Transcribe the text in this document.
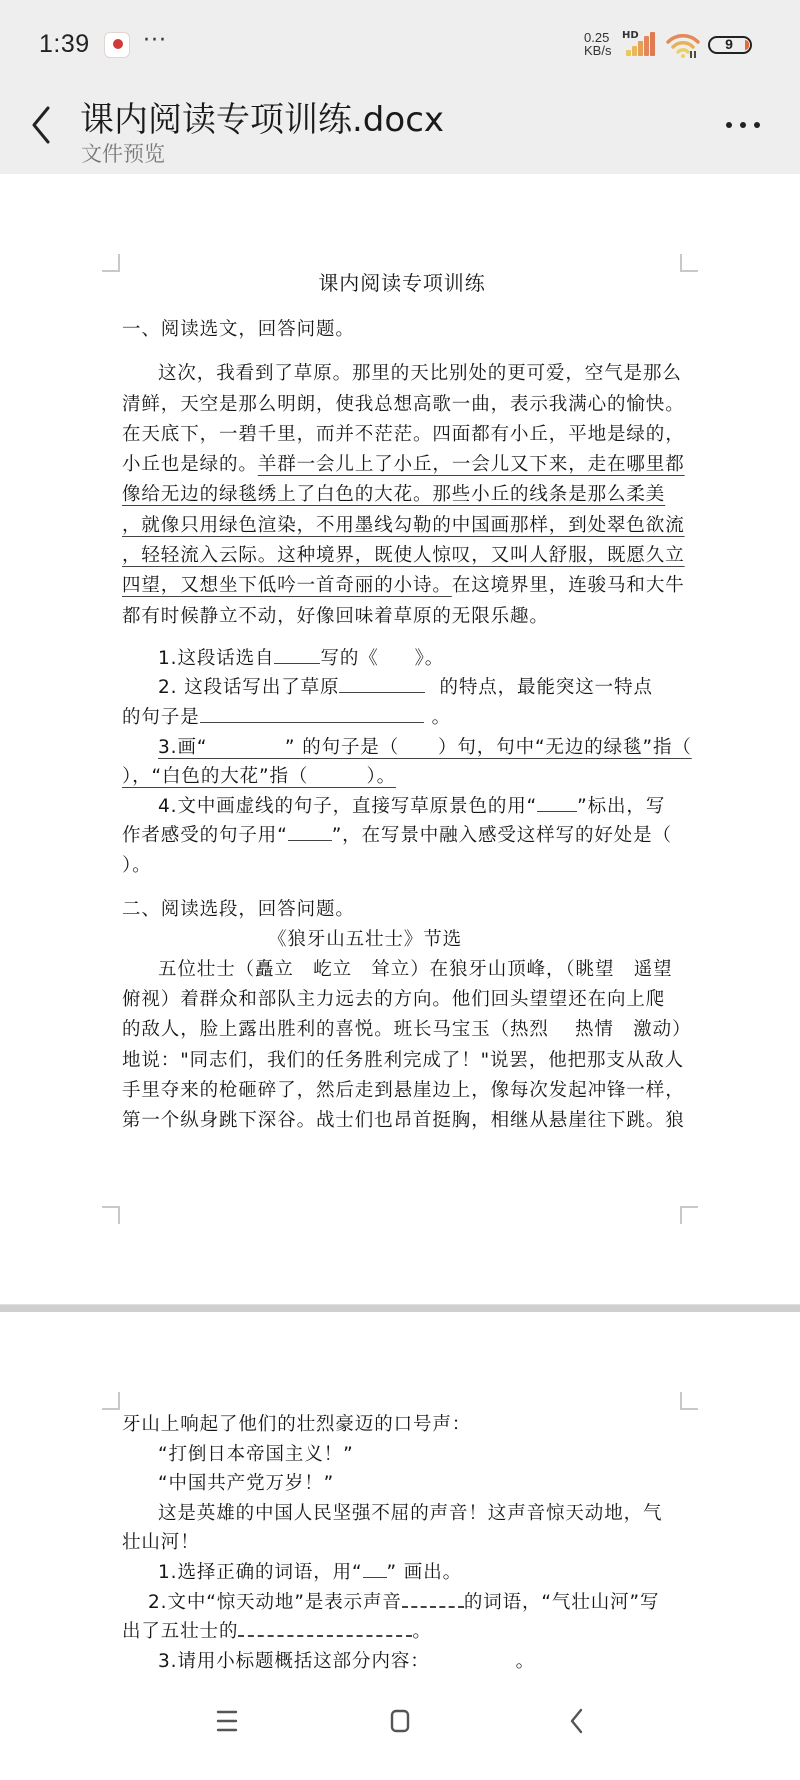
1:39 ···	0.25
KB/s
HD
9
课内阅读专项训练.docx
文件预览

课内阅读专项训练

一、阅读选文，回答问题。

这次，我看到了草原。那里的天比别处的更可爱，空气是那么

清鲜，天空是那么明朗，使我总想高歌一曲，表示我满心的愉快。

在天底下，一碧千里，而并不茫茫。四面都有小丘，平地是绿的，

小丘也是绿的。羊群一会儿上了小丘，一会儿又下来，走在哪里都

像给无边的绿毯绣上了白色的大花。那些小丘的线条是那么柔美

，就像只用绿色渲染，不用墨线勾勒的中国画那样，到处翠色欲流

，轻轻流入云际。这种境界，既使人惊叹，又叫人舒服，既愿久立

四望，又想坐下低吟一首奇丽的小诗。在这境界里，连骏马和大牛

都有时候静立不动，好像回味着草原的无限乐趣。

1.这段话选自 写的《 》。

2. 这段话写出了草原	的特点，最能突这一特点

的句子是	。

3.画“　　　　” 的句子是（　　）句，句中“无边的绿毯”指（

），“白色的大花”指（　　　）。

4.文中画虚线的句子，直接写草原景色的用“ ”标出，写

作者感受的句子用“ ”，在写景中融入感受这样写的好处是（

）。

二、阅读选段，回答问题。

《狼牙山五壮士》节选

五位壮士（矗立　屹立　耸立）在狼牙山顶峰，（眺望　遥望

俯视）着群众和部队主力远去的方向。他们回头望望还在向上爬

的敌人，脸上露出胜利的喜悦。班长马宝玉（热烈　 热情　激动）

地说："同志们，我们的任务胜利完成了！"说罢，他把那支从敌人

手里夺来的枪砸碎了，然后走到悬崖边上，像每次发起冲锋一样，

第一个纵身跳下深谷。战士们也昂首挺胸，相继从悬崖往下跳。狼

牙山上响起了他们的壮烈豪迈的口号声：

“打倒日本帝国主义！”

“中国共产党万岁！”

这是英雄的中国人民坚强不屈的声音！这声音惊天动地，气

壮山河！

1.选择正确的词语，用“ ” 画出。

2.文中“惊天动地”是表示声音	的词语，“气壮山河”写

出了五壮士的	。

3.请用小标题概括这部分内容：	。
